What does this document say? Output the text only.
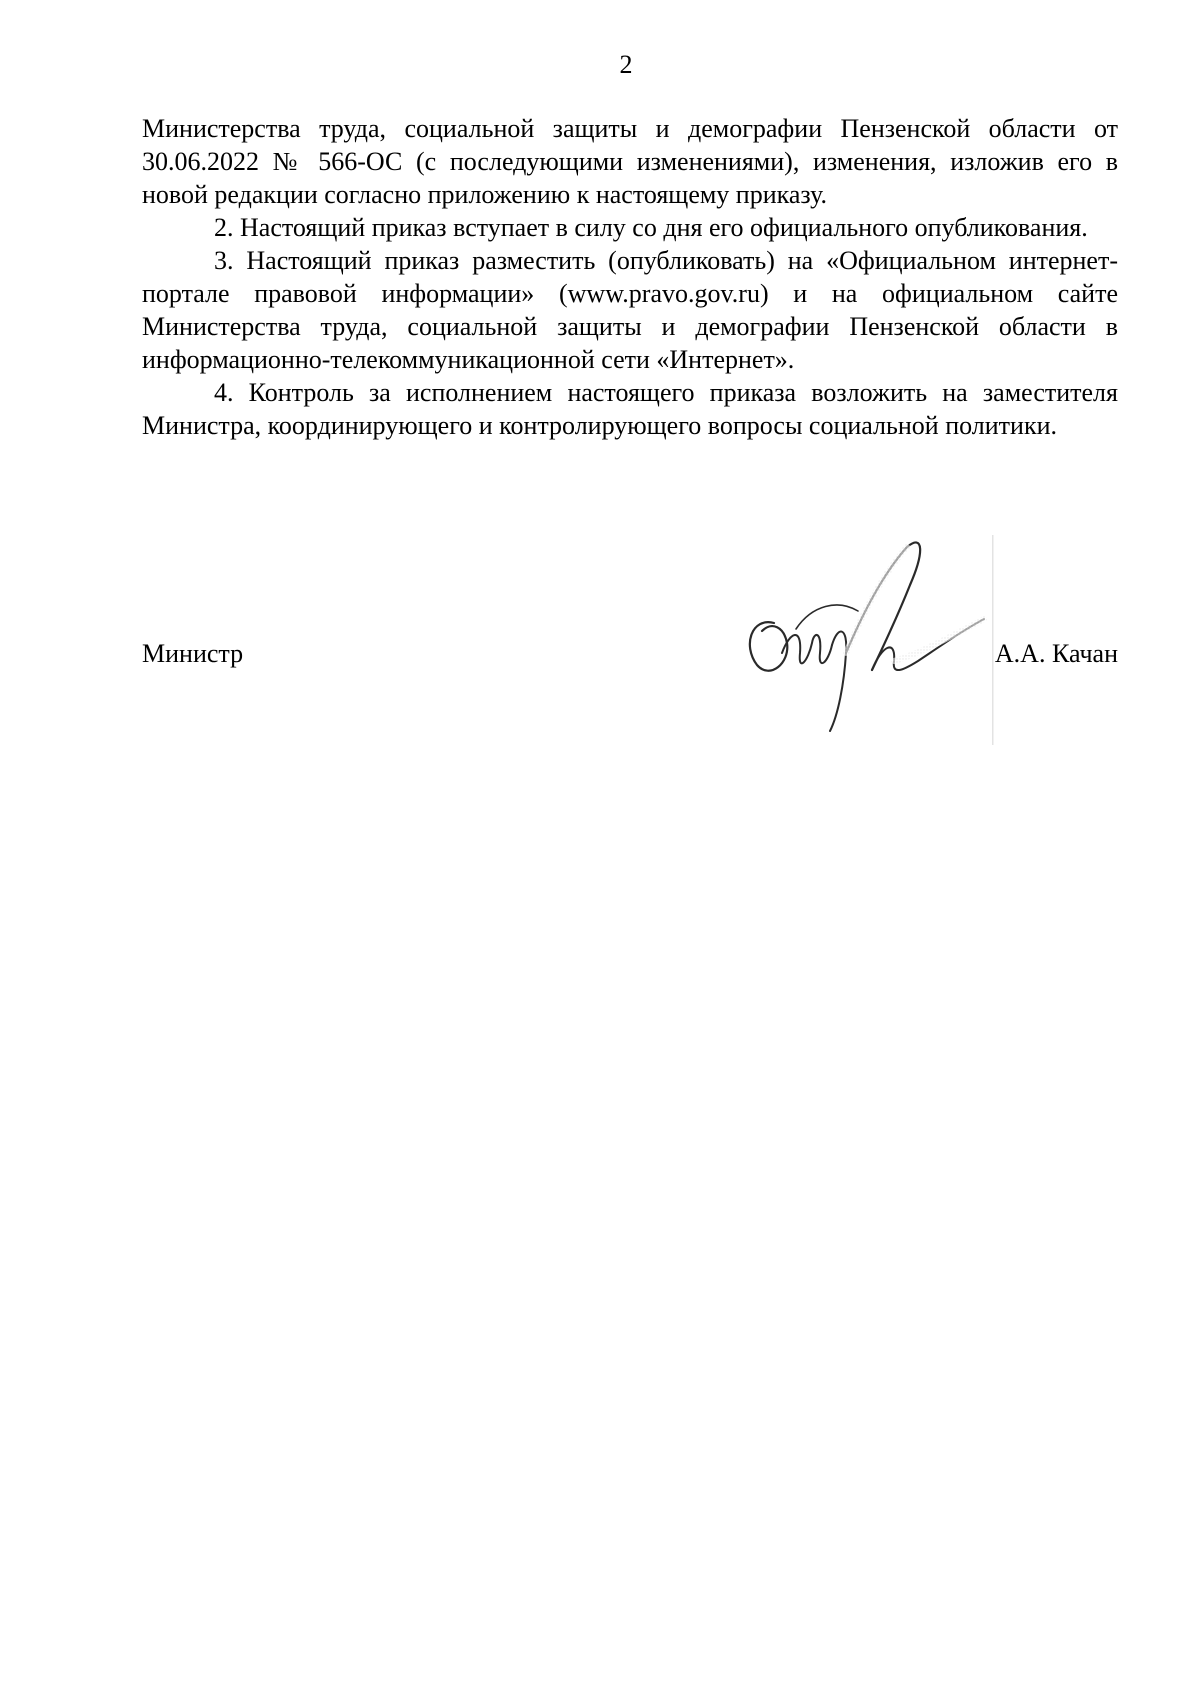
2

Министерства труда, социальной защиты и демографии Пензенской области от 30.06.2022 № 566-ОС (с последующими изменениями), изменения, изложив его в новой редакции согласно приложению к настоящему приказу.

2. Настоящий приказ вступает в силу со дня его официального опубликования.

3. Настоящий приказ разместить (опубликовать) на «Официальном интернет-портале правовой информации» (www.pravo.gov.ru) и на официальном сайте Министерства труда, социальной защиты и демографии Пензенской области в информационно-телекоммуникационной сети «Интернет».

4. Контроль за исполнением настоящего приказа возложить на заместителя Министра, координирующего и контролирующего вопросы социальной политики.

Министр	А.А. Качан
